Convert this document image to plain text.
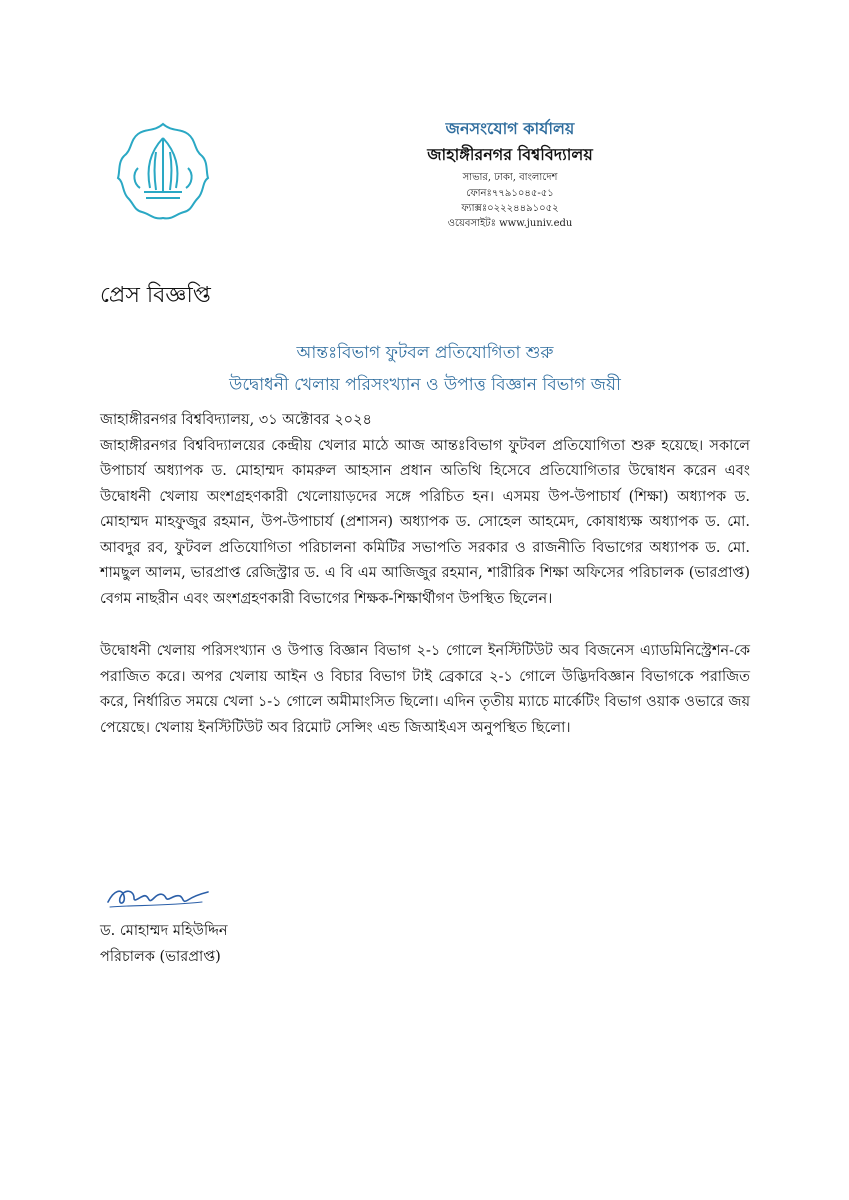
জনসংযোগ কার্যালয়
জাহাঙ্গীরনগর বিশ্ববিদ্যালয়
সাভার, ঢাকা, বাংলাদেশ
ফোনঃ৭৭৯১০৪৫-৫১
ফ্যাক্সঃ০২২২৪৪৯১০৫২
ওয়েবসাইটঃ www.juniv.edu
প্রেস বিজ্ঞপ্তি
আন্তঃবিভাগ ফুটবল প্রতিযোগিতা শুরু
উদ্বোধনী খেলায় পরিসংখ্যান ও উপাত্ত বিজ্ঞান বিভাগ জয়ী

জাহাঙ্গীরনগর বিশ্ববিদ্যালয়, ৩১ অক্টোবর ২০২৪

জাহাঙ্গীরনগর বিশ্ববিদ্যালয়ের কেন্দ্রীয় খেলার মাঠে আজ আন্তঃবিভাগ ফুটবল প্রতিযোগিতা শুরু হয়েছে। সকালে উপাচার্য অধ্যাপক ড. মোহাম্মদ কামরুল আহসান প্রধান অতিথি হিসেবে প্রতিযোগিতার উদ্বোধন করেন এবং উদ্বোধনী খেলায় অংশগ্রহণকারী খেলোয়াড়দের সঙ্গে পরিচিত হন। এসময় উপ-উপাচার্য (শিক্ষা) অধ্যাপক ড. মোহাম্মদ মাহফুজুর রহমান, উপ-উপাচার্য (প্রশাসন) অধ্যাপক ড. সোহেল আহমেদ, কোষাধ্যক্ষ অধ্যাপক ড. মো. আবদুর রব, ফুটবল প্রতিযোগিতা পরিচালনা কমিটির সভাপতি সরকার ও রাজনীতি বিভাগের অধ্যাপক ড. মো. শামছুল আলম, ভারপ্রাপ্ত রেজিস্ট্রার ড. এ বি এম আজিজুর রহমান, শারীরিক শিক্ষা অফিসের পরিচালক (ভারপ্রাপ্ত) বেগম নাছরীন এবং অংশগ্রহণকারী বিভাগের শিক্ষক-শিক্ষার্থীগণ উপস্থিত ছিলেন।

উদ্বোধনী খেলায় পরিসংখ্যান ও উপাত্ত বিজ্ঞান বিভাগ ২-১ গোলে ইনস্টিটিউট অব বিজনেস এ্যাডমিনিস্ট্রেশন-কে পরাজিত করে। অপর খেলায় আইন ও বিচার বিভাগ টাই ব্রেকারে ২-১ গোলে উদ্ভিদবিজ্ঞান বিভাগকে পরাজিত করে, নির্ধারিত সময়ে খেলা ১-১ গোলে অমীমাংসিত ছিলো। এদিন তৃতীয় ম্যাচে মার্কেটিং বিভাগ ওয়াক ওভারে জয় পেয়েছে। খেলায় ইনস্টিটিউট অব রিমোট সেন্সিং এন্ড জিআইএস অনুপস্থিত ছিলো।

ড. মোহাম্মদ মহিউদ্দিন
পরিচালক (ভারপ্রাপ্ত)
